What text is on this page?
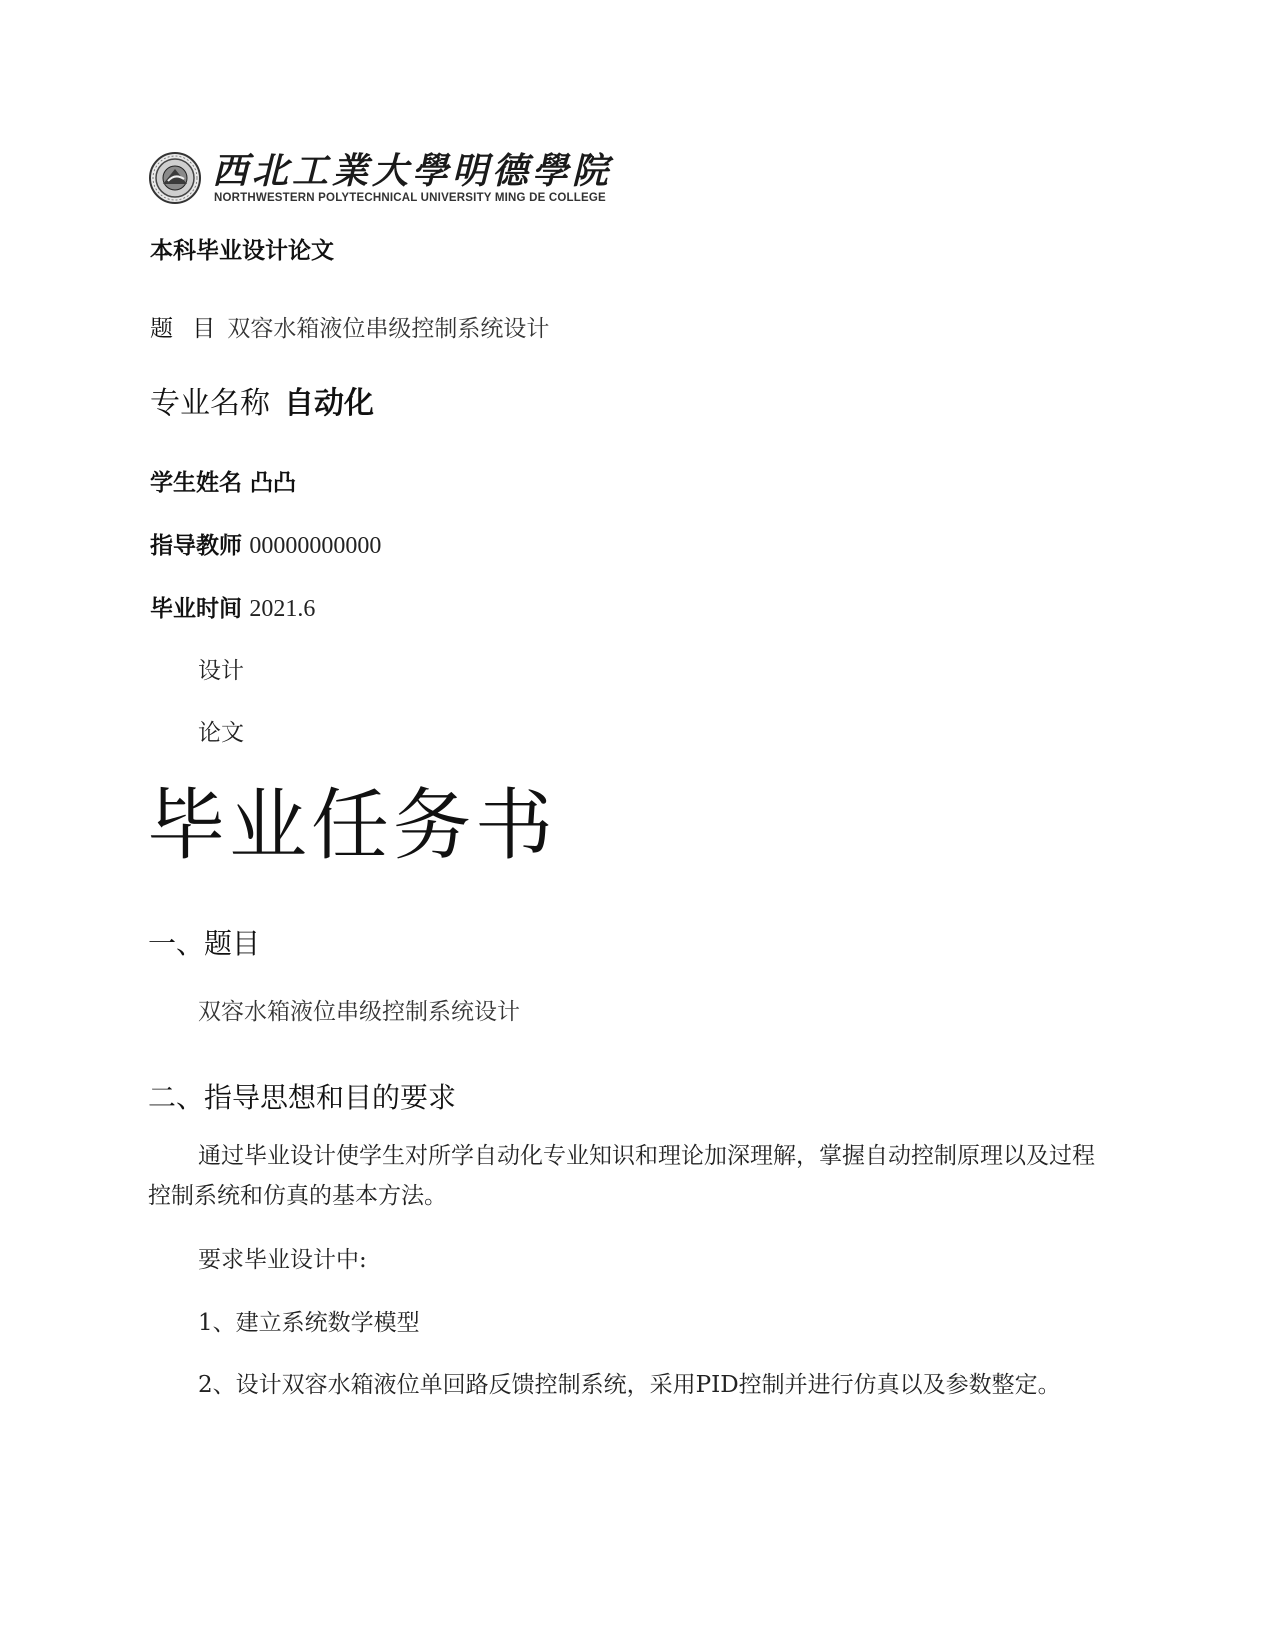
西北工業大學明德學院
NORTHWESTERN POLYTECHNICAL UNIVERSITY MING DE COLLEGE
本科毕业设计论文
题 目 双容水箱液位串级控制系统设计
专业名称 自动化
学生姓名 凸凸
指导教师 00000000000
毕业时间 2021.6
设计
论文
毕业任务书
一、题目
双容水箱液位串级控制系统设计
二、指导思想和目的要求
通过毕业设计使学生对所学自动化专业知识和理论加深理解，掌握自动控制原理以及过程控制系统和仿真的基本方法。
要求毕业设计中:
1、建立系统数学模型
2、设计双容水箱液位单回路反馈控制系统，采用PID控制并进行仿真以及参数整定。
